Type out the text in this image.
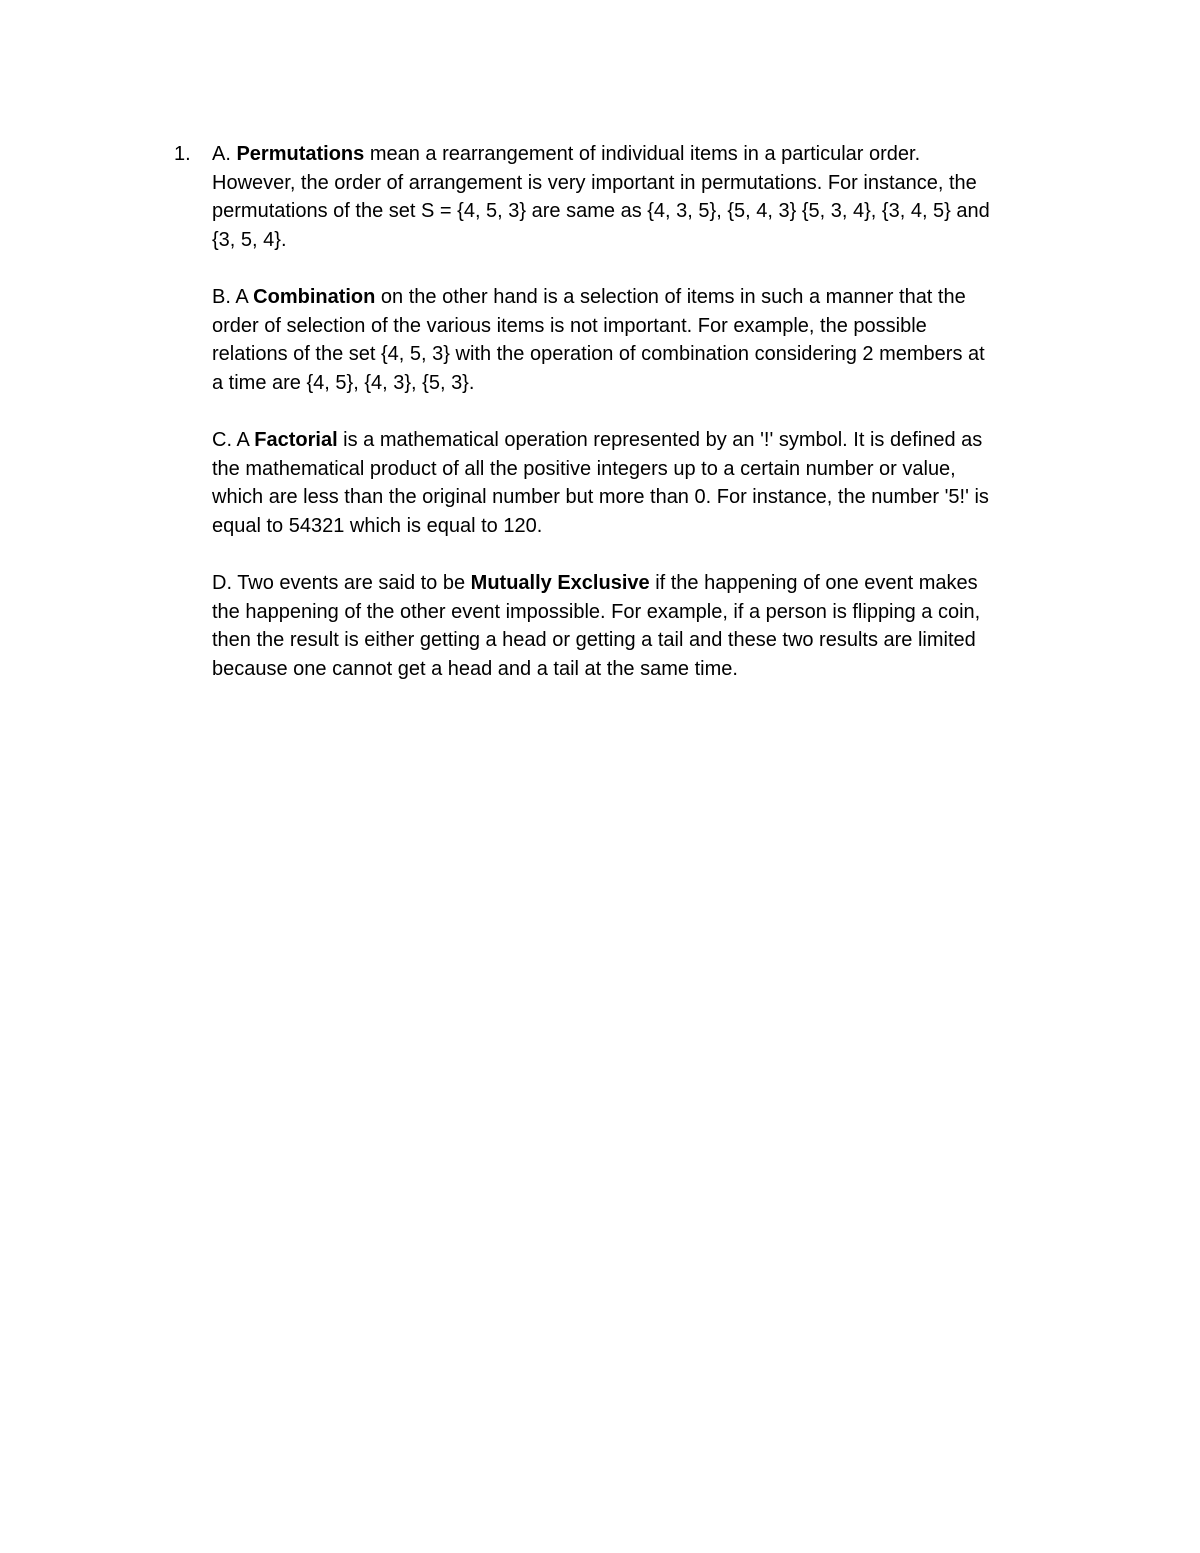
1. A. Permutations mean a rearrangement of individual items in a particular order.
However, the order of arrangement is very important in permutations. For instance, the
permutations of the set S = {4, 5, 3} are same as {4, 3, 5}, {5, 4, 3} {5, 3, 4}, {3, 4, 5} and
{3, 5, 4}.

B. A Combination on the other hand is a selection of items in such a manner that the
order of selection of the various items is not important. For example, the possible
relations of the set {4, 5, 3} with the operation of combination considering 2 members at
a time are {4, 5}, {4, 3}, {5, 3}.

C. A Factorial is a mathematical operation represented by an '!' symbol. It is defined as
the mathematical product of all the positive integers up to a certain number or value,
which are less than the original number but more than 0. For instance, the number '5!' is
equal to 54321 which is equal to 120.

D. Two events are said to be Mutually Exclusive if the happening of one event makes
the happening of the other event impossible. For example, if a person is flipping a coin,
then the result is either getting a head or getting a tail and these two results are limited
because one cannot get a head and a tail at the same time.
